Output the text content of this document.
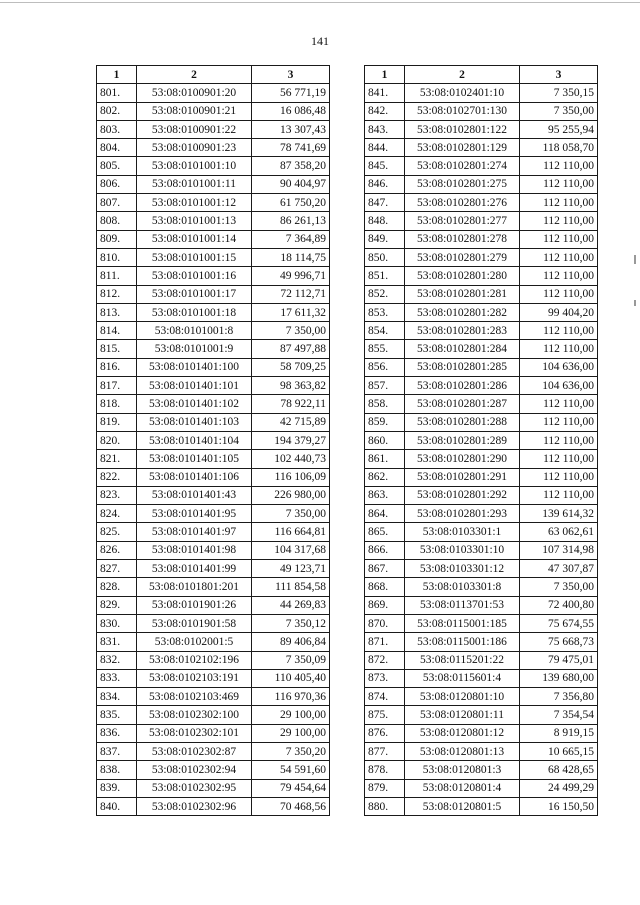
141
1	2	3
801.	53:08:0100901:20	56 771,19
802.	53:08:0100901:21	16 086,48
803.	53:08:0100901:22	13 307,43
804.	53:08:0100901:23	78 741,69
805.	53:08:0101001:10	87 358,20
806.	53:08:0101001:11	90 404,97
807.	53:08:0101001:12	61 750,20
808.	53:08:0101001:13	86 261,13
809.	53:08:0101001:14	7 364,89
810.	53:08:0101001:15	18 114,75
811.	53:08:0101001:16	49 996,71
812.	53:08:0101001:17	72 112,71
813.	53:08:0101001:18	17 611,32
814.	53:08:0101001:8	7 350,00
815.	53:08:0101001:9	87 497,88
816.	53:08:0101401:100	58 709,25
817.	53:08:0101401:101	98 363,82
818.	53:08:0101401:102	78 922,11
819.	53:08:0101401:103	42 715,89
820.	53:08:0101401:104	194 379,27
821.	53:08:0101401:105	102 440,73
822.	53:08:0101401:106	116 106,09
823.	53:08:0101401:43	226 980,00
824.	53:08:0101401:95	7 350,00
825.	53:08:0101401:97	116 664,81
826.	53:08:0101401:98	104 317,68
827.	53:08:0101401:99	49 123,71
828.	53:08:0101801:201	111 854,58
829.	53:08:0101901:26	44 269,83
830.	53:08:0101901:58	7 350,12
831.	53:08:0102001:5	89 406,84
832.	53:08:0102102:196	7 350,09
833.	53:08:0102103:191	110 405,40
834.	53:08:0102103:469	116 970,36
835.	53:08:0102302:100	29 100,00
836.	53:08:0102302:101	29 100,00
837.	53:08:0102302:87	7 350,20
838.	53:08:0102302:94	54 591,60
839.	53:08:0102302:95	79 454,64
840.	53:08:0102302:96	70 468,56
1	2	3
841.	53:08:0102401:10	7 350,15
842.	53:08:0102701:130	7 350,00
843.	53:08:0102801:122	95 255,94
844.	53:08:0102801:129	118 058,70
845.	53:08:0102801:274	112 110,00
846.	53:08:0102801:275	112 110,00
847.	53:08:0102801:276	112 110,00
848.	53:08:0102801:277	112 110,00
849.	53:08:0102801:278	112 110,00
850.	53:08:0102801:279	112 110,00
851.	53:08:0102801:280	112 110,00
852.	53:08:0102801:281	112 110,00
853.	53:08:0102801:282	99 404,20
854.	53:08:0102801:283	112 110,00
855.	53:08:0102801:284	112 110,00
856.	53:08:0102801:285	104 636,00
857.	53:08:0102801:286	104 636,00
858.	53:08:0102801:287	112 110,00
859.	53:08:0102801:288	112 110,00
860.	53:08:0102801:289	112 110,00
861.	53:08:0102801:290	112 110,00
862.	53:08:0102801:291	112 110,00
863.	53:08:0102801:292	112 110,00
864.	53:08:0102801:293	139 614,32
865.	53:08:0103301:1	63 062,61
866.	53:08:0103301:10	107 314,98
867.	53:08:0103301:12	47 307,87
868.	53:08:0103301:8	7 350,00
869.	53:08:0113701:53	72 400,80
870.	53:08:0115001:185	75 674,55
871.	53:08:0115001:186	75 668,73
872.	53:08:0115201:22	79 475,01
873.	53:08:0115601:4	139 680,00
874.	53:08:0120801:10	7 356,80
875.	53:08:0120801:11	7 354,54
876.	53:08:0120801:12	8 919,15
877.	53:08:0120801:13	10 665,15
878.	53:08:0120801:3	68 428,65
879.	53:08:0120801:4	24 499,29
880.	53:08:0120801:5	16 150,50
